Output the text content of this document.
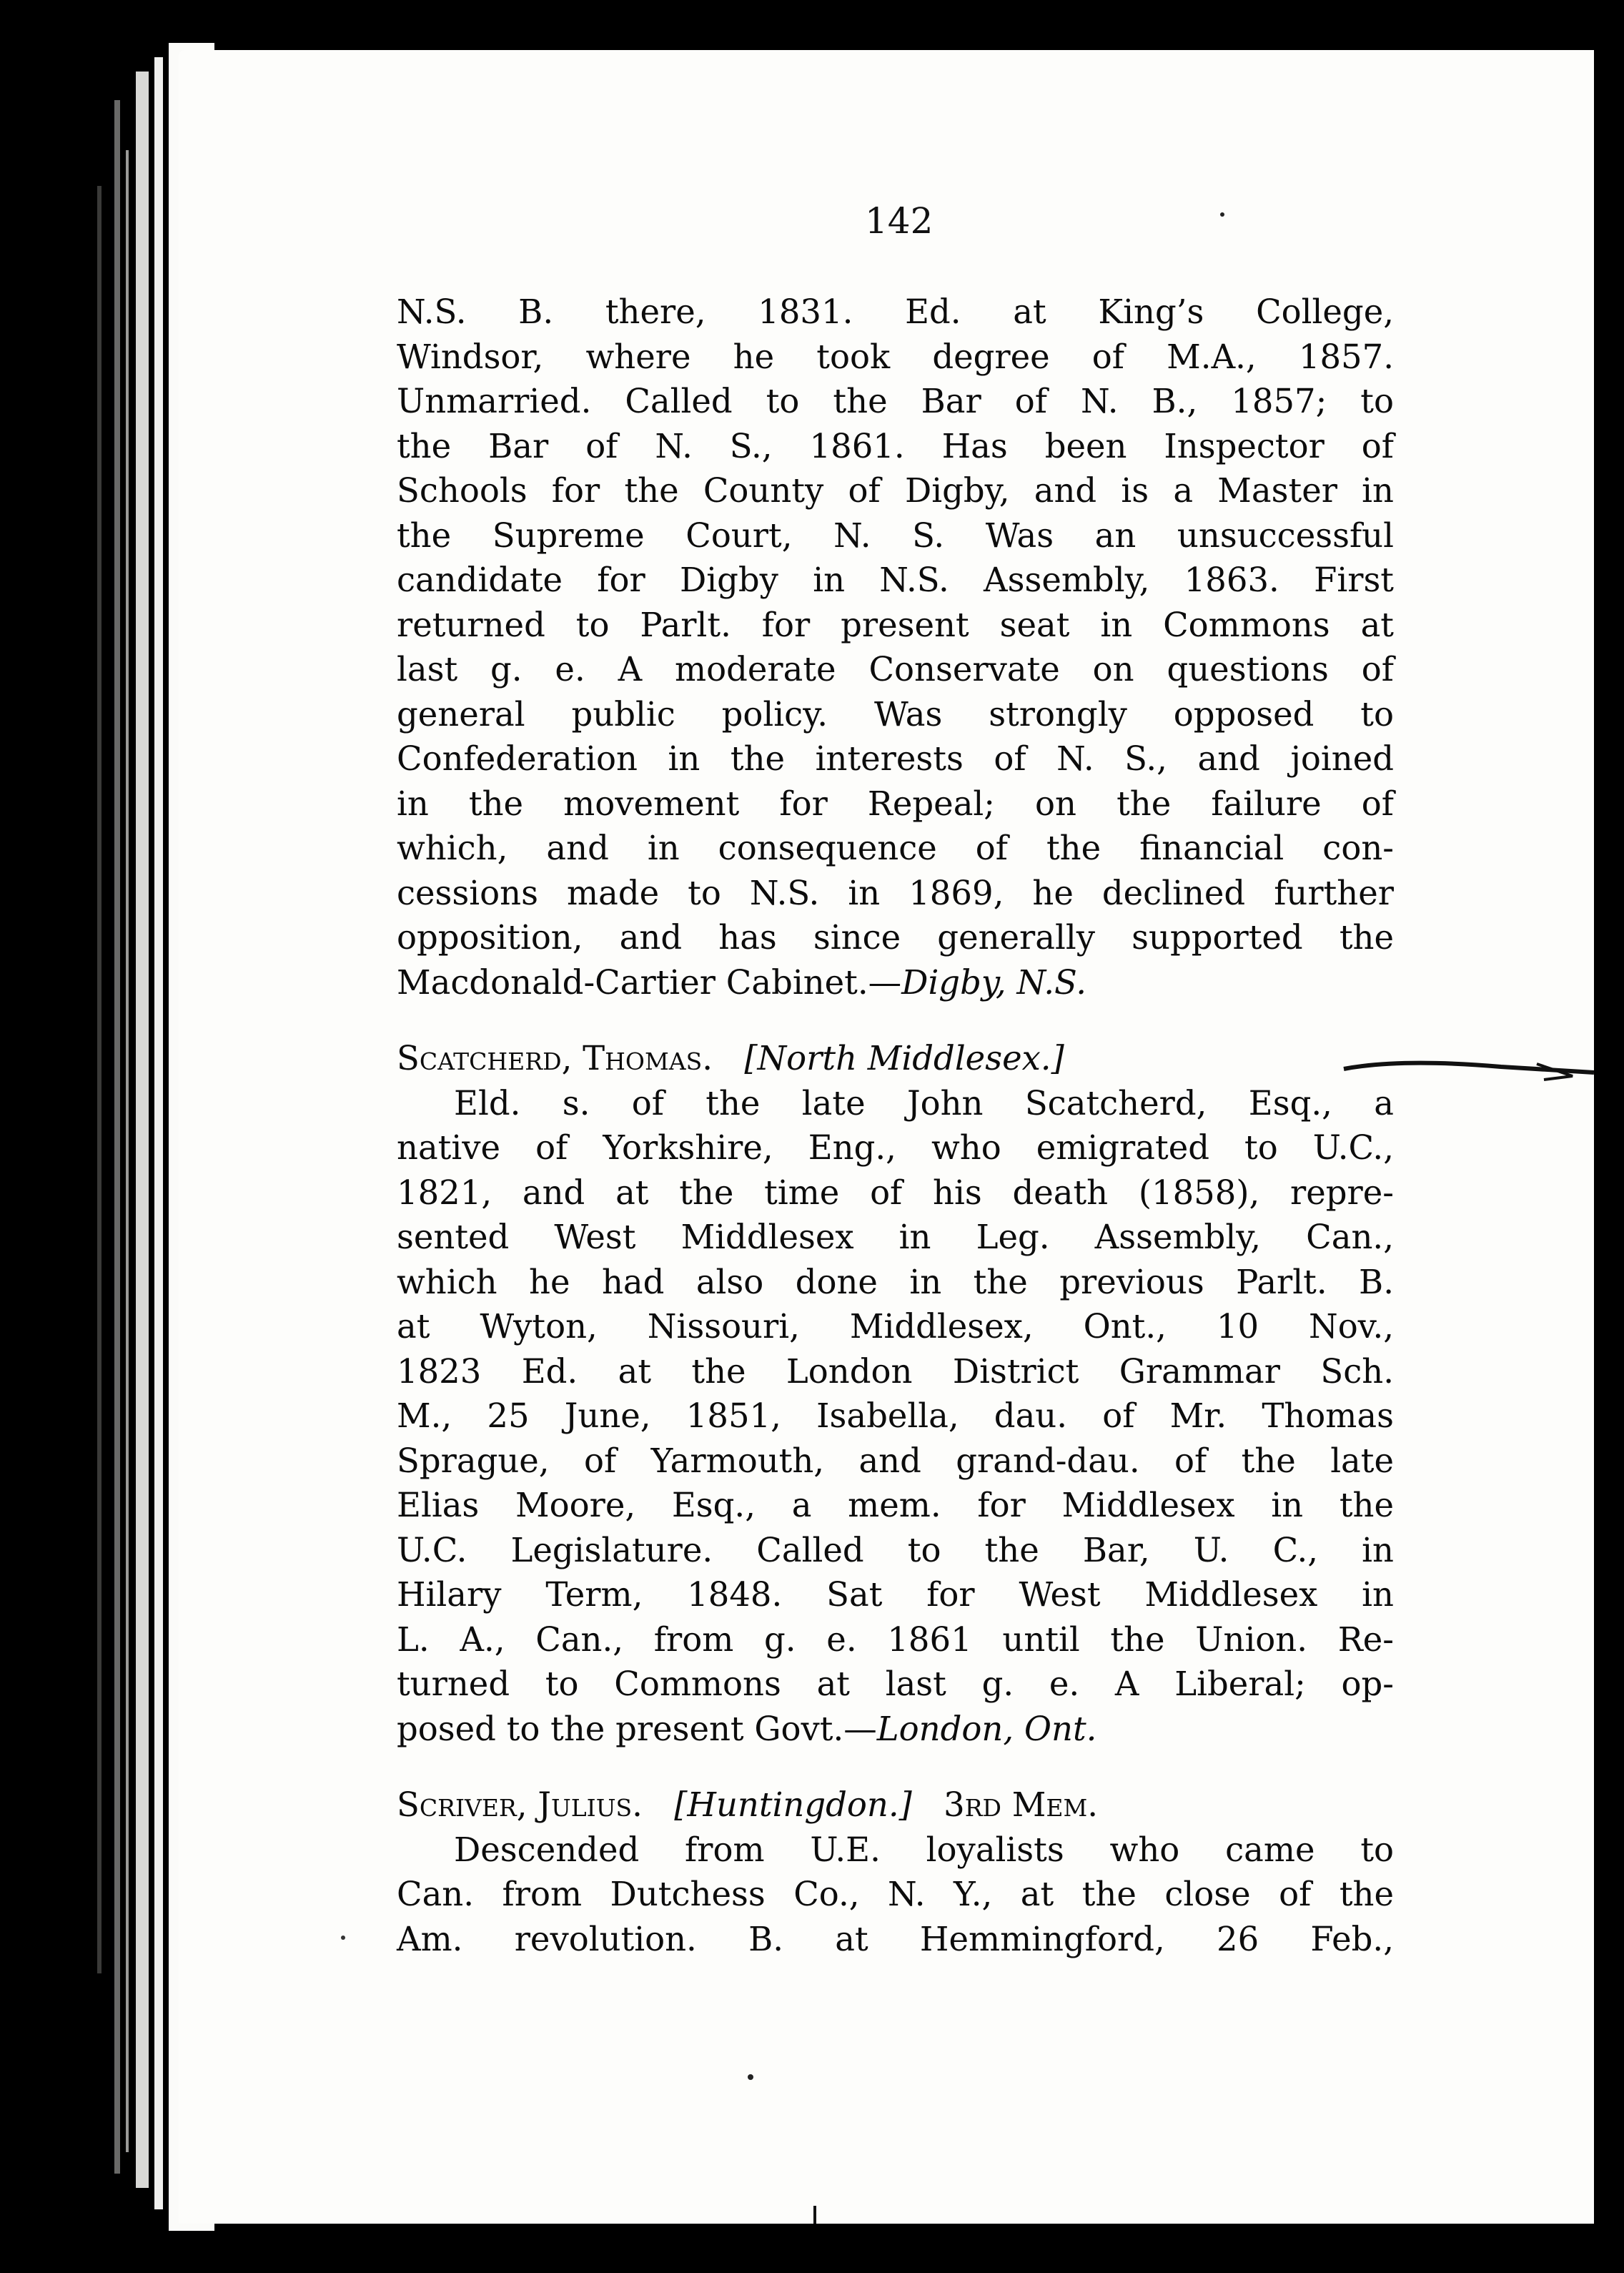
142
N.S. B. there, 1831. Ed. at King’s College,
Windsor, where he took degree of M.A., 1857.
Unmarried. Called to the Bar of N. B., 1857; to
the Bar of N. S., 1861. Has been Inspector of
Schools for the County of Digby, and is a Master in
the Supreme Court, N. S. Was an unsuccessful
candidate for Digby in N.S. Assembly, 1863. First
returned to Parlt. for present seat in Commons at
last g. e. A moderate Conservate on questions of
general public policy. Was strongly opposed to
Confederation in the interests of N. S., and joined
in the movement for Repeal; on the failure of
which, and in consequence of the financial con-
cessions made to N.S. in 1869, he declined further
opposition, and has since generally supported the
Macdonald-Cartier Cabinet.—Digby, N.S.
Scatcherd, Thomas. [North Middlesex.]
Eld. s. of the late John Scatcherd, Esq., a
native of Yorkshire, Eng., who emigrated to U.C.,
1821, and at the time of his death (1858), repre-
sented West Middlesex in Leg. Assembly, Can.,
which he had also done in the previous Parlt. B.
at Wyton, Nissouri, Middlesex, Ont., 10 Nov.,
1823 Ed. at the London District Grammar Sch.
M., 25 June, 1851, Isabella, dau. of Mr. Thomas
Sprague, of Yarmouth, and grand-dau. of the late
Elias Moore, Esq., a mem. for Middlesex in the
U.C. Legislature. Called to the Bar, U. C., in
Hilary Term, 1848. Sat for West Middlesex in
L. A., Can., from g. e. 1861 until the Union. Re-
turned to Commons at last g. e. A Liberal; op-
posed to the present Govt.—London, Ont.
Scriver, Julius. [Huntingdon.] 3rd Mem.
Descended from U.E. loyalists who came to
Can. from Dutchess Co., N. Y., at the close of the
Am. revolution. B. at Hemmingford, 26 Feb.,
